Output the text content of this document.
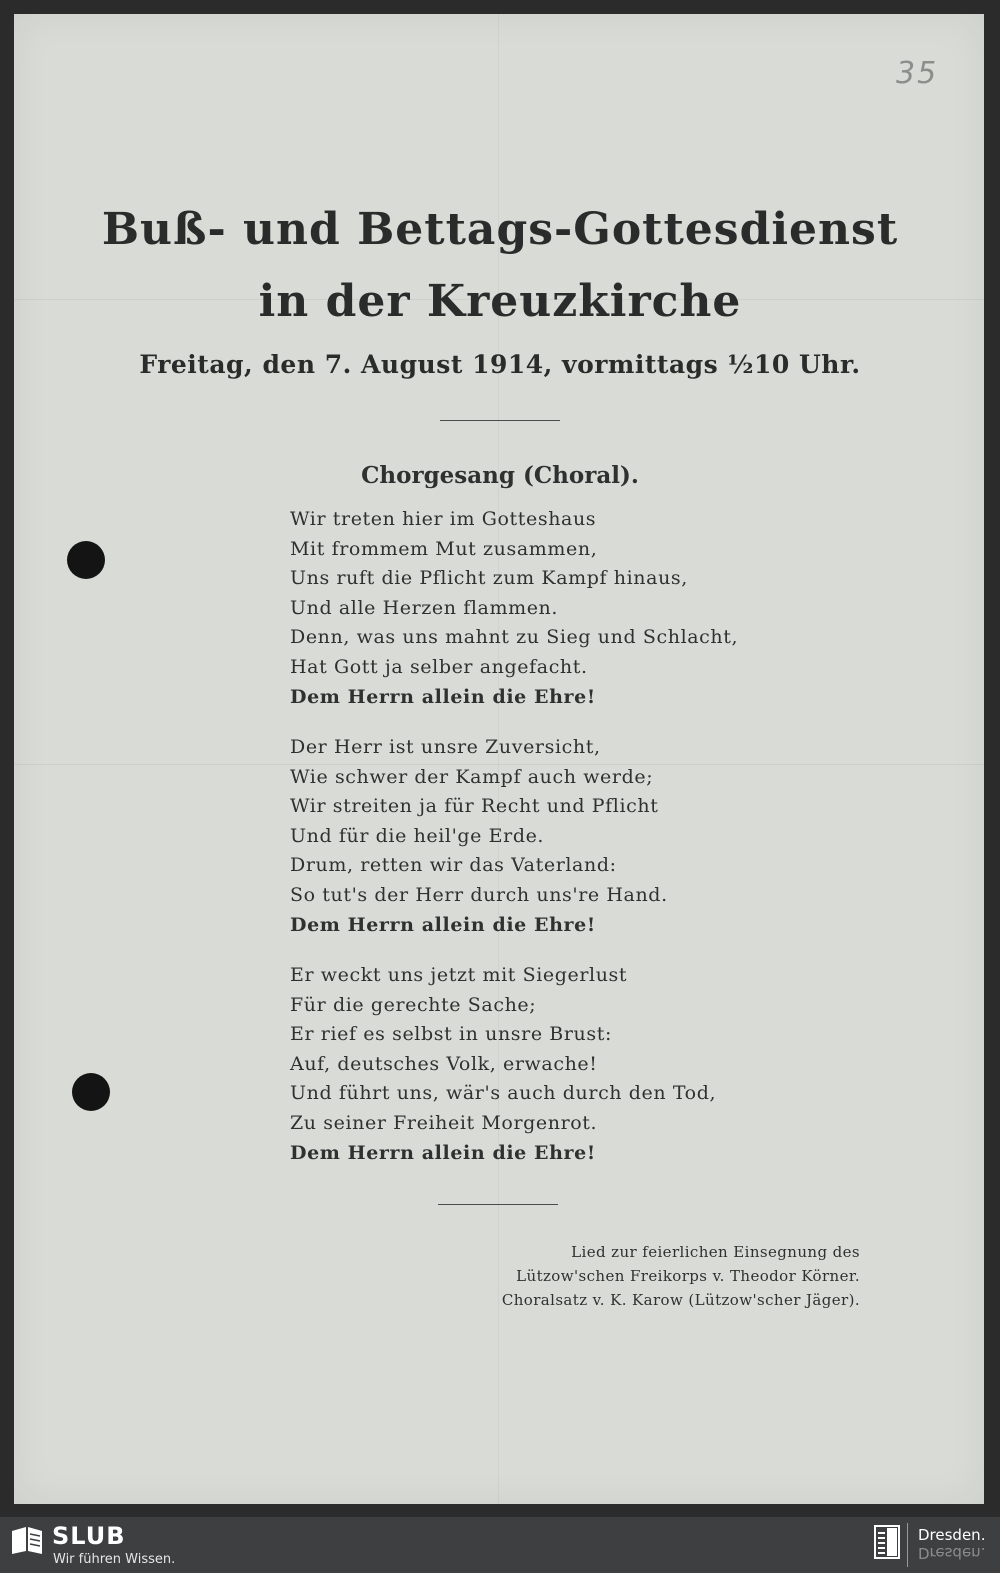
35
Buß- und Bettags-Gottesdienst
in der Kreuzkirche
Freitag, den 7. August 1914, vormittags ½10 Uhr.
Chorgesang (Choral).
Wir treten hier im Gotteshaus
Mit frommem Mut zusammen,
Uns ruft die Pflicht zum Kampf hinaus,
Und alle Herzen flammen.
Denn, was uns mahnt zu Sieg und Schlacht,
Hat Gott ja selber angefacht.
Dem Herrn allein die Ehre!
Der Herr ist unsre Zuversicht,
Wie schwer der Kampf auch werde;
Wir streiten ja für Recht und Pflicht
Und für die heil'ge Erde.
Drum, retten wir das Vaterland:
So tut's der Herr durch uns're Hand.
Dem Herrn allein die Ehre!
Er weckt uns jetzt mit Siegerlust
Für die gerechte Sache;
Er rief es selbst in unsre Brust:
Auf, deutsches Volk, erwache!
Und führt uns, wär's auch durch den Tod,
Zu seiner Freiheit Morgenrot.
Dem Herrn allein die Ehre!
Lied zur feierlichen Einsegnung des
Lützow'schen Freikorps v. Theodor Körner.
Choralsatz v. K. Karow (Lützow'scher Jäger).
SLUB
Wir führen Wissen.
Dresden.
Dresden.
